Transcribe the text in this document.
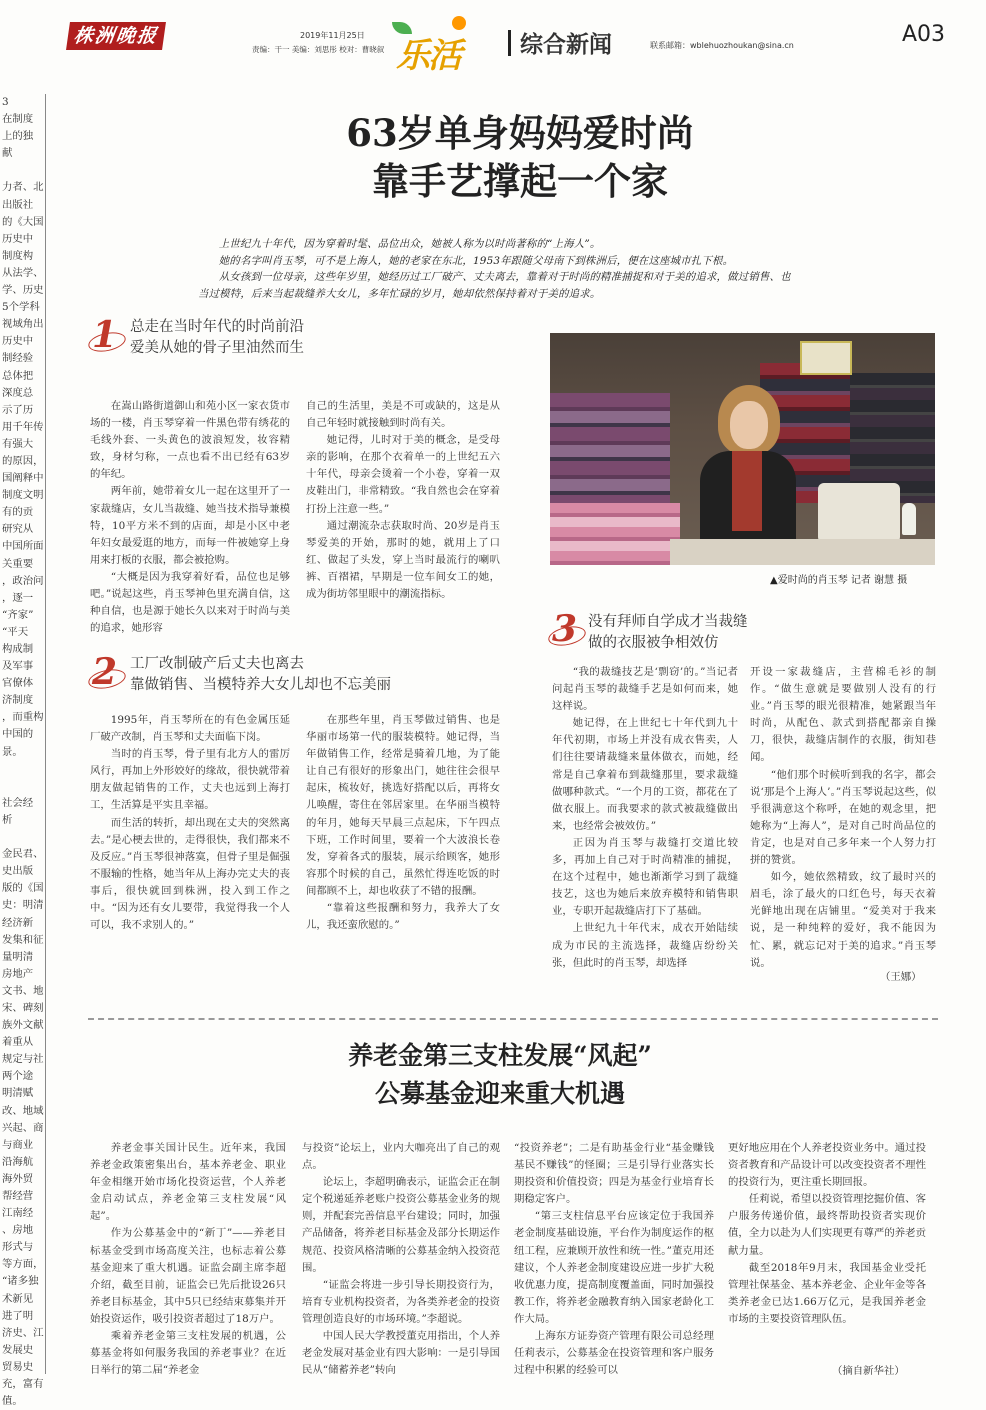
株洲晚报	2019年11月25日
责编：干一 美编：刘思彤 校对：曹晓叙 乐活	综合新闻	联系邮箱：wblehuozhoukan@sina.cn	A03
3
在制度
上的独
献
力者、北
出版社
的《大国
历史中
制度构
从法学、
学、历史
5个学科
视域角出
历史中
制经验
总体把
深度总
示了历
用千年传
有强大
的原因，
国阐释中
制度文明
有的贡
研究从
中国所面
关重要
，政治问
，逐一
“齐家”
“平天
构成制
及军事
官僚体
济制度
，而重构
中国的
景。
社会经
析
金民君、
史出版
版的《国
史：明清
经济新
发集和征
量明清
房地产
文书、地
宋、碑刻
族外文献
着重从
规定与社
两个途
明清赋
改、地域
兴起、商
与商业
沿海航
海外贸
帮经营
江南经
、房地
形式与
等方面，
“诸多独
术新见
进了明
济史、江
发展史
贸易史
充，富有
值。
63岁单身妈妈爱时尚
靠手艺撑起一个家

上世纪九十年代，因为穿着时髦、品位出众，她被人称为以时尚著称的“上海人”。

她的名字叫肖玉琴，可不是上海人，她的老家在东北，1953年跟随父母南下到株洲后，便在这座城市扎下根。

从女孩到一位母亲，这些年岁里，她经历过工厂破产、丈夫离去，靠着对于时尚的精准捕捉和对于美的追求，做过销售、也当过模特，后来当起裁缝养大女儿，多年忙碌的岁月，她却依然保持着对于美的追求。

1 总走在当时年代的时尚前沿
爱美从她的骨子里油然而生

在嵩山路街道御山和苑小区一家衣货市场的一楼，肖玉琴穿着一件黑色带有绣花的毛线外套、一头黄色的波浪短发，妆容精致，身材匀称，一点也看不出已经有63岁的年纪。

两年前，她带着女儿一起在这里开了一家裁缝店，女儿当裁缝、她当技术指导兼模特，10平方米不到的店面，却是小区中老年妇女最爱逛的地方，而每一件被她穿上身用来打板的衣服，都会被抢购。

“大概是因为我穿着好看，品位也足够吧。”说起这些，肖玉琴神色里充满自信，这种自信，也是源于她长久以来对于时尚与美的追求，她形容

自己的生活里，美是不可或缺的，这是从自己年轻时就接触到时尚有关。

她记得，儿时对于美的概念，是受母亲的影响，在那个衣着单一的上世纪五六十年代，母亲会烫着一个小卷，穿着一双皮鞋出门，非常精致。“我自然也会在穿着打扮上注意一些。”

通过潮流杂志获取时尚、20岁是肖玉琴爱美的开始，那时的她，就用上了口红、做起了头发，穿上当时最流行的喇叭裤、百褶裙，早期是一位车间女工的她，成为街坊邻里眼中的潮流指标。

▲爱时尚的肖玉琴 记者 谢慧 摄
3 没有拜师自学成才当裁缝
做的衣服被争相效仿

“我的裁缝技艺是‘剽窃’的。”当记者问起肖玉琴的裁缝手艺是如何而来，她这样说。

她记得，在上世纪七十年代到九十年代初期，市场上并没有成衣售卖，人们往往要请裁缝来量体做衣，而她，经常是自己拿着布到裁缝那里，要求裁缝做哪种款式。“一个月的工资，都花在了做衣服上。而我要求的款式被裁缝做出来，也经常会被效仿。”

正因为肖玉琴与裁缝打交道比较多，再加上自己对于时尚精准的捕捉，在这个过程中，她也渐渐学习到了裁缝技艺，这也为她后来放弃模特和销售职业，专职开起裁缝店打下了基础。

上世纪九十年代末，成衣开始陆续成为市民的主流选择，裁缝店纷纷关张，但此时的肖玉琴，却选择

开设一家裁缝店，主营棉毛衫的制作。“做生意就是要做别人没有的行业。”肖玉琴的眼光很精准，她紧跟当年时尚，从配色、款式到搭配都亲自操刀，很快，裁缝店制作的衣服，街知巷闻。

“他们那个时候听到我的名字，都会说‘那是个上海人’。”肖玉琴说起这些，似乎很满意这个称呼，在她的观念里，把她称为“上海人”，是对自己时尚品位的肯定，也是对自己多年来一个人努力打拼的赞赏。

如今，她依然精致，纹了最时兴的眉毛，涂了最火的口红色号，每天衣着光鲜地出现在店铺里。“爱美对于我来说，是一种纯粹的爱好，我不能因为忙、累，就忘记对于美的追求。”肖玉琴说。

（王娜）
2 工厂改制破产后丈夫也离去
靠做销售、当模特养大女儿却也不忘美丽

1995年，肖玉琴所在的有色金属压延厂破产改制，肖玉琴和丈夫面临下岗。

当时的肖玉琴，骨子里有北方人的雷厉风行，再加上外形姣好的缘故，很快就带着朋友做起销售的工作，丈夫也远到上海打工，生活算是平实且幸福。

而生活的转折，却出现在丈夫的突然离去。”是心梗去世的，走得很快，我们都来不及反应。”肖玉琴很神落寞，但骨子里是倔强不服输的性格，她当年从上海办完丈夫的丧事后，很快就回到株洲，投入到工作之中。“因为还有女儿要带，我觉得我一个人可以，我不求别人的。”

在那些年里，肖玉琴做过销售、也是华丽市场第一代的服装模特。她记得，当年做销售工作，经常是骑着几地，为了能让自己有很好的形象出门，她往往会很早起床，梳妆好，挑选好搭配以后，再将女儿唤醒，寄住在邻居家里。在华丽当模特的年月，她每天早晨三点起床，下午四点下班，工作时间里，要着一个大波浪长卷发，穿着各式的服装，展示给顾客，她形容那个时候的自己，虽然忙得连吃饭的时间都顾不上，却也收获了不错的报酬。

“靠着这些报酬和努力，我养大了女儿，我还蛮欣慰的。”

养老金第三支柱发展“风起”
公募基金迎来重大机遇

养老金事关国计民生。近年来，我国养老金政策密集出台，基本养老金、职业年金相继开始市场化投资运营，个人养老金启动试点，养老金第三支柱发展“风起”。

作为公募基金中的“新丁”——养老目标基金受到市场高度关注，也标志着公募基金迎来了重大机遇。证监会副主席李超介绍，截至目前，证监会已先后批设26只养老目标基金，其中5只已经结束募集并开始投资运作，吸引投资者超过了18万户。

乘着养老金第三支柱发展的机遇，公募基金将如何服务我国的养老事业？在近日举行的第二届“养老金

与投资”论坛上，业内大咖亮出了自己的观点。

论坛上，李超明确表示，证监会正在制定个税递延养老账户投资公募基金业务的规则，并配套完善信息平台建设；同时，加强产品储备，将养老目标基金及部分长期运作规范、投资风格清晰的公募基金纳入投资范围。

“证监会将进一步引导长期投资行为，培育专业机构投资者，为各类养老金的投资管理创造良好的市场环境。”李超说。

中国人民大学教授董克用指出，个人养老金发展对基金业有四大影响：一是引导国民从“储蓄养老”转向

“投资养老”；二是有助基金行业“基金赚钱基民不赚钱”的怪圈；三是引导行业落实长期投资和价值投资；四是为基金行业培育长期稳定客户。

“第三支柱信息平台应该定位于我国养老金制度基础设施，平台作为制度运作的枢纽工程，应兼顾开放性和统一性。”董克用还建议，个人养老金制度建设应进一步扩大税收优惠力度，提高制度覆盖面，同时加强投教工作，将养老金融教育纳入国家老龄化工作大局。

上海东方证券资产管理有限公司总经理任莉表示，公募基金在投资管理和客户服务过程中积累的经验可以

更好地应用在个人养老投资业务中。通过投资者教育和产品设计可以改变投资者不理性的投资行为，更注重长期回报。

任莉说，希望以投资管理挖掘价值、客户服务传递价值，最终帮助投资者实现价值，全力以赴为人们实现更有尊严的养老贡献力量。

截至2018年9月末，我国基金业受托管理社保基金、基本养老金、企业年金等各类养老金已达1.66万亿元，是我国养老金市场的主要投资管理队伍。

（摘自新华社）
